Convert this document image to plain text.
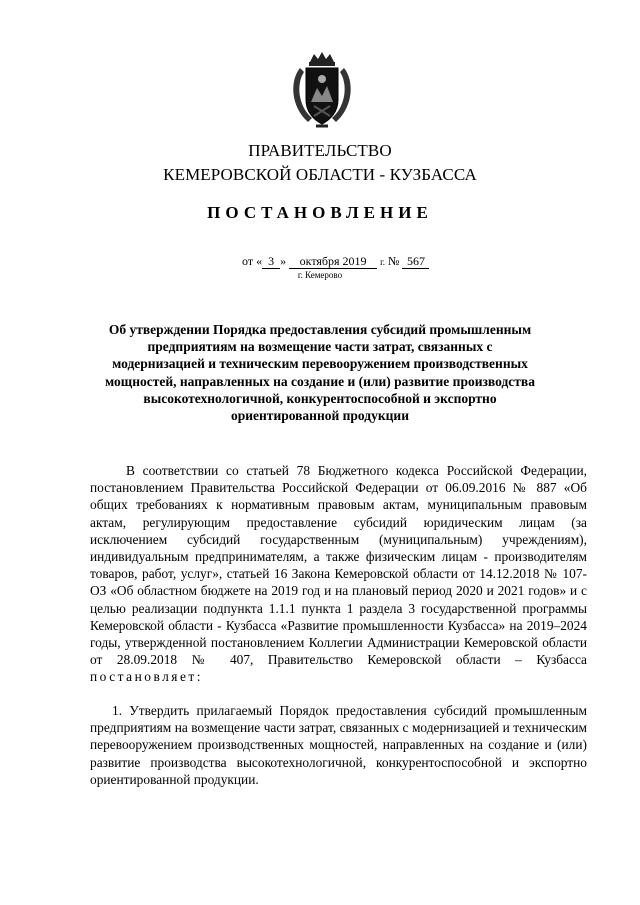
ПРАВИТЕЛЬСТВО
КЕМЕРОВСКОЙ ОБЛАСТИ - КУЗБАССА
ПОСТАНОВЛЕНИЕ
от « 3 » октября 2019 г. № 567
г. Кемерово
Об утверждении Порядка предоставления субсидий промышленным предприятиям на возмещение части затрат, связанных с модернизацией и техническим перевооружением производственных мощностей, направленных на создание и (или) развитие производства высокотехнологичной, конкурентоспособной и экспортно ориентированной продукции
В соответствии со статьей 78 Бюджетного кодекса Российской Федерации, постановлением Правительства Российской Федерации от 06.09.2016 № 887 «Об общих требованиях к нормативным правовым актам, муниципальным правовым актам, регулирующим предоставление субсидий юридическим лицам (за исключением субсидий государственным (муниципальным) учреждениям), индивидуальным предпринимателям, а также физическим лицам - производителям товаров, работ, услуг», статьей 16 Закона Кемеровской области от 14.12.2018 № 107-ОЗ «Об областном бюджете на 2019 год и на плановый период 2020 и 2021 годов» и с целью реализации подпункта 1.1.1 пункта 1 раздела 3 государственной программы Кемеровской области - Кузбасса «Развитие промышленности Кузбасса» на 2019–2024 годы, утвержденной постановлением Коллегии Администрации Кемеровской области от 28.09.2018 № 407, Правительство Кемеровской области – Кузбасса постановляет:
1. Утвердить прилагаемый Порядок предоставления субсидий промышленным предприятиям на возмещение части затрат, связанных с модернизацией и техническим перевооружением производственных мощностей, направленных на создание и (или) развитие производства высокотехнологичной, конкурентоспособной и экспортно ориентированной продукции.
